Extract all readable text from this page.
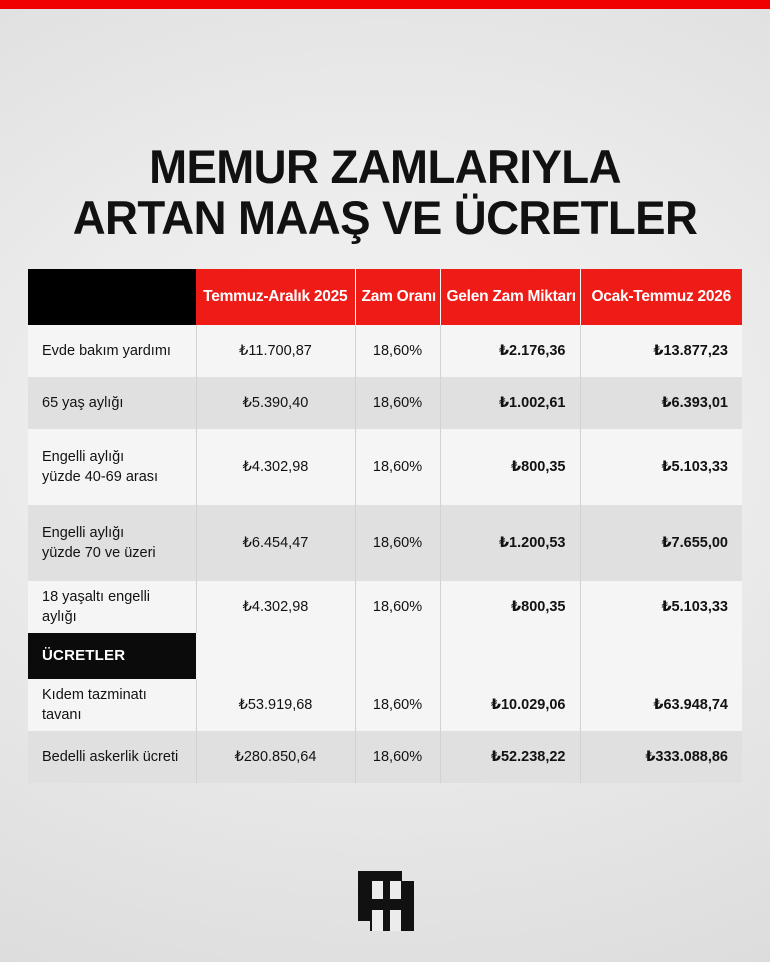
MEMUR ZAMLARIYLA
ARTAN MAAŞ VE ÜCRETLER
	Temmuz-Aralık 2025	Zam Oranı	Gelen Zam Miktarı	Ocak-Temmuz 2026

Evde bakım yardımı	₺11.700,87	18,60%	₺2.176,36	₺13.877,23

65 yaş aylığı	₺5.390,40	18,60%	₺1.002,61	₺6.393,01

Engelli aylığı
yüzde 40-69 arası	₺4.302,98	18,60%	₺800,35	₺5.103,33

Engelli aylığı
yüzde 70 ve üzeri	₺6.454,47	18,60%	₺1.200,53	₺7.655,00

18 yaşaltı engelli aylığı	₺4.302,98	18,60%	₺800,35	₺5.103,33
ÜCRETLER				

Kıdem tazminatı tavanı	₺53.919,68	18,60%	₺10.029,06	₺63.948,74

Bedelli askerlik ücreti	₺280.850,64	18,60%	₺52.238,22	₺333.088,86
